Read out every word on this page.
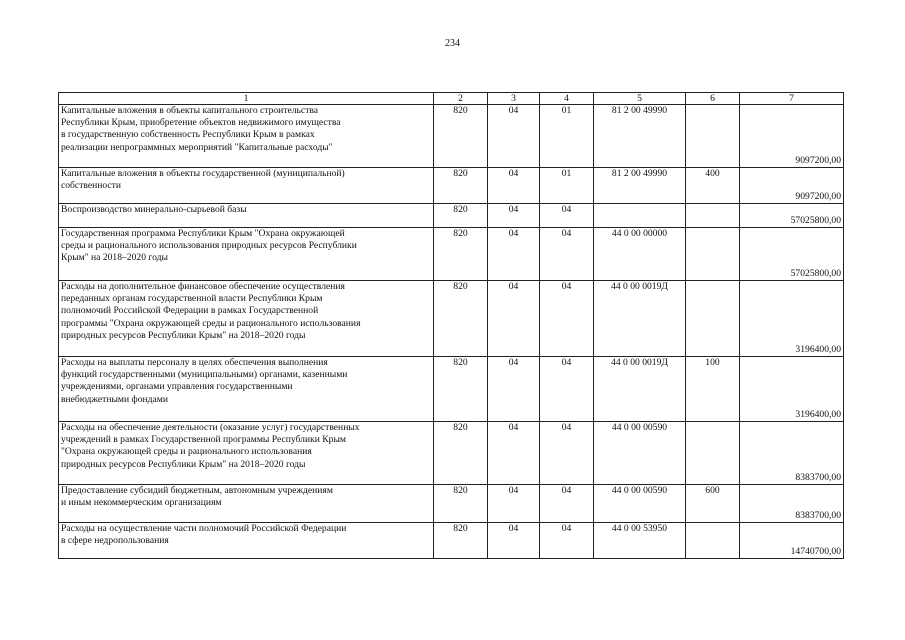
234
1	2	3	4	5	6	7

Капитальные вложения в объекты капитального строительства
Республики Крым, приобретение объектов недвижимого имущества
в государственную собственность Республики Крым в рамках
реализации непрограммных мероприятий "Капитальные расходы"	820	04	01	81 2 00 49990		9097200,00

Капитальные вложения в объекты государственной (муниципальной)
собственности	820	04	01	81 2 00 49990	400	9097200,00

Воспроизводство минерально-сырьевой базы	820	04	04			57025800,00

Государственная программа Республики Крым "Охрана окружающей
среды и рационального использования природных ресурсов Республики
Крым" на 2018–2020 годы	820	04	04	44 0 00 00000		57025800,00

Расходы на дополнительное финансовое обеспечение осуществления
переданных органам государственной власти Республики Крым
полномочий Российской Федерации в рамках Государственной
программы "Охрана окружающей среды и рационального использования
природных ресурсов Республики Крым" на 2018–2020 годы	820	04	04	44 0 00 0019Д		3196400,00

Расходы на выплаты персоналу в целях обеспечения выполнения
функций государственными (муниципальными) органами, казенными
учреждениями, органами управления государственными
внебюджетными фондами	820	04	04	44 0 00 0019Д	100	3196400,00

Расходы на обеспечение деятельности (оказание услуг) государственных
учреждений в рамках Государственной программы Республики Крым
"Охрана окружающей среды и рационального использования
природных ресурсов Республики Крым" на 2018–2020 годы	820	04	04	44 0 00 00590		8383700,00

Предоставление субсидий бюджетным, автономным учреждениям
и иным некоммерческим организациям	820	04	04	44 0 00 00590	600	8383700,00

Расходы на осуществление части полномочий Российской Федерации
в сфере недропользования	820	04	04	44 0 00 53950		14740700,00
